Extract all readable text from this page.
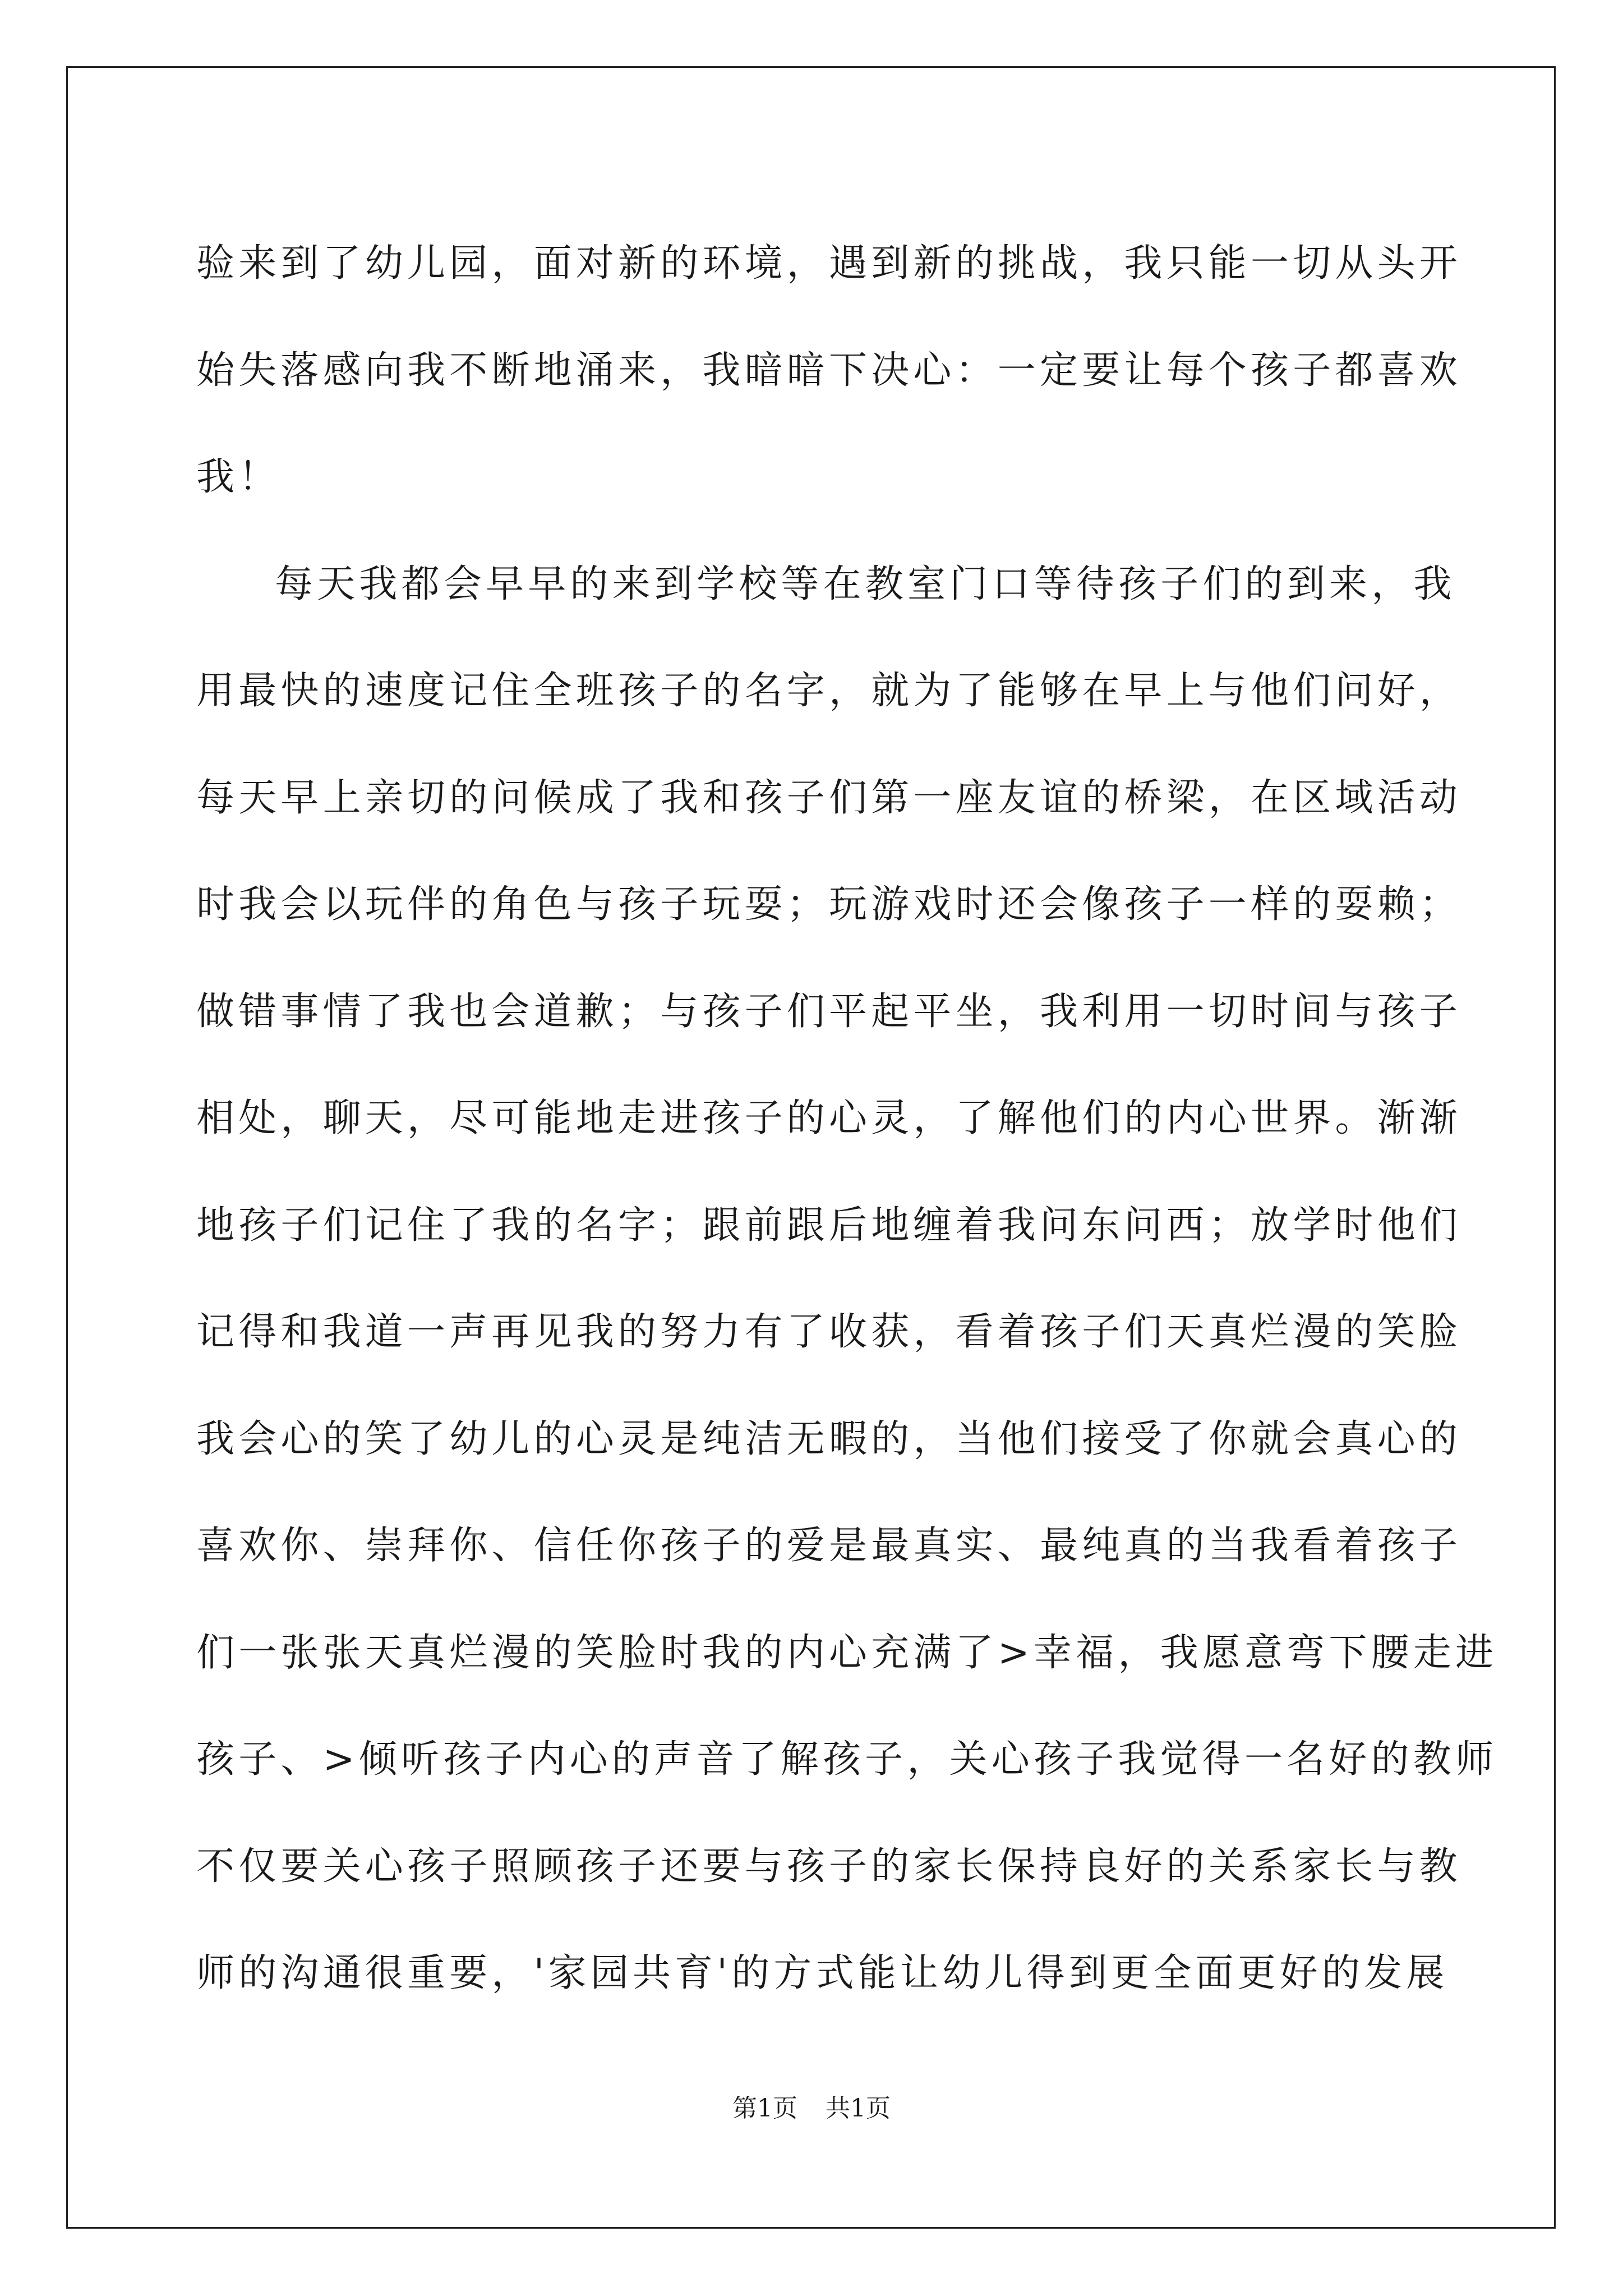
验来到了幼儿园，面对新的环境，遇到新的挑战，我只能一切从头开
始失落感向我不断地涌来，我暗暗下决心：一定要让每个孩子都喜欢
我！
每天我都会早早的来到学校等在教室门口等待孩子们的到来，我
用最快的速度记住全班孩子的名字，就为了能够在早上与他们问好，
每天早上亲切的问候成了我和孩子们第一座友谊的桥梁，在区域活动
时我会以玩伴的角色与孩子玩耍；玩游戏时还会像孩子一样的耍赖；
做错事情了我也会道歉；与孩子们平起平坐，我利用一切时间与孩子
相处，聊天，尽可能地走进孩子的心灵，了解他们的内心世界。渐渐
地孩子们记住了我的名字；跟前跟后地缠着我问东问西；放学时他们
记得和我道一声再见我的努力有了收获，看着孩子们天真烂漫的笑脸
我会心的笑了幼儿的心灵是纯洁无暇的，当他们接受了你就会真心的
喜欢你、崇拜你、信任你孩子的爱是最真实、最纯真的当我看着孩子
们一张张天真烂漫的笑脸时我的内心充满了>幸福，我愿意弯下腰走进
孩子、>倾听孩子内心的声音了解孩子，关心孩子我觉得一名好的教师
不仅要关心孩子照顾孩子还要与孩子的家长保持良好的关系家长与教
师的沟通很重要，'家园共育'的方式能让幼儿得到更全面更好的发展
第1页 共1页
